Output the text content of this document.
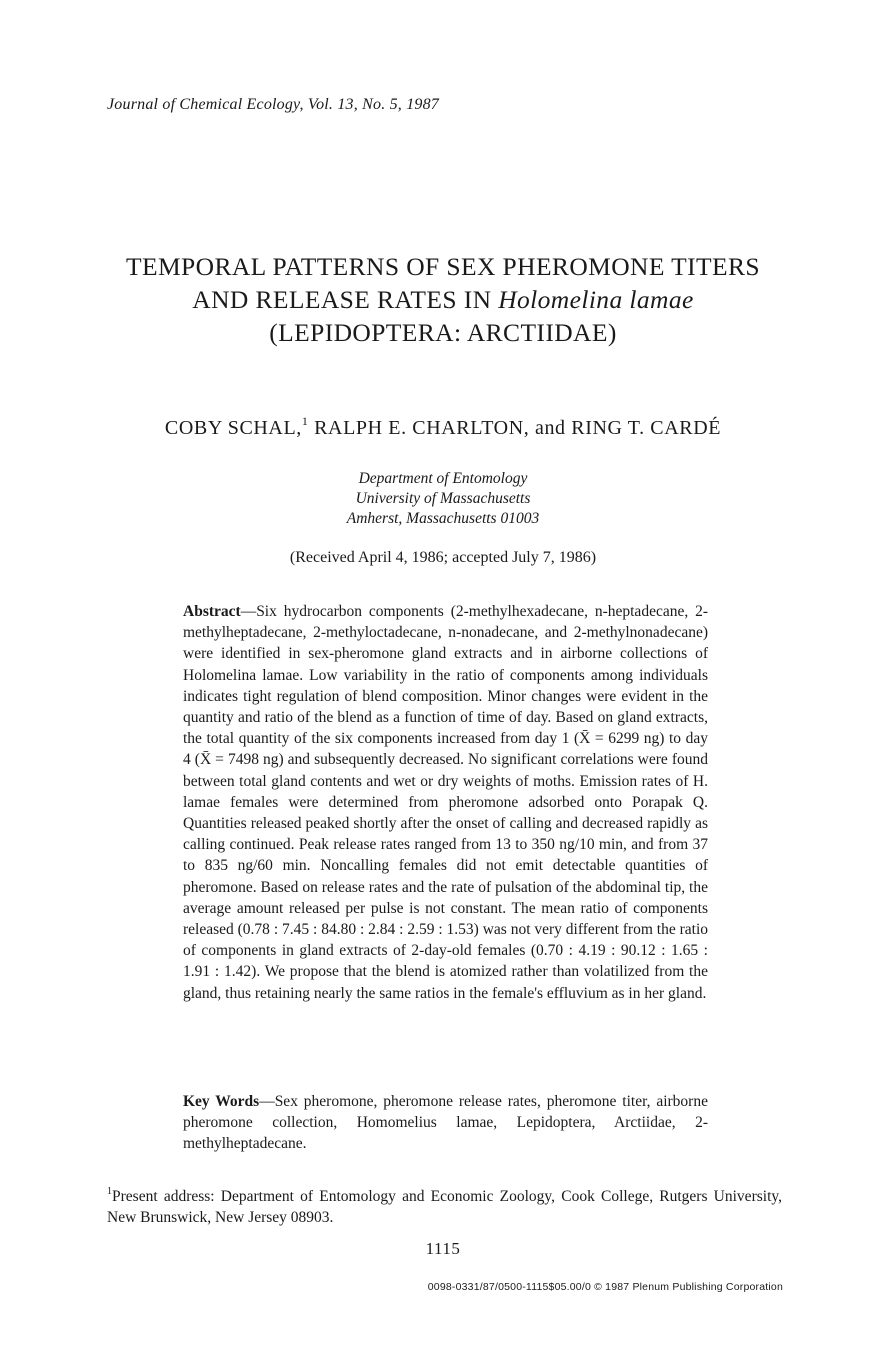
Journal of Chemical Ecology, Vol. 13, No. 5, 1987
TEMPORAL PATTERNS OF SEX PHEROMONE TITERS
AND RELEASE RATES IN Holomelina lamae
(LEPIDOPTERA: ARCTIIDAE)
COBY SCHAL,$^1$ RALPH E. CHARLTON, and RING T. CARDÉ
Department of Entomology
University of Massachusetts
Amherst, Massachusetts 01003
(Received April 4, 1986; accepted July 7, 1986)
Abstract—Six hydrocarbon components (2-methylhexadecane, n-heptadecane, 2-methylheptadecane, 2-methyloctadecane, n-nonadecane, and 2-methylnonadecane) were identified in sex-pheromone gland extracts and in airborne collections of Holomelina lamae. Low variability in the ratio of components among individuals indicates tight regulation of blend composition. Minor changes were evident in the quantity and ratio of the blend as a function of time of day. Based on gland extracts, the total quantity of the six components increased from day 1 (X̄ = 6299 ng) to day 4 (X̄ = 7498 ng) and subsequently decreased. No significant correlations were found between total gland contents and wet or dry weights of moths. Emission rates of H. lamae females were determined from pheromone adsorbed onto Porapak Q. Quantities released peaked shortly after the onset of calling and decreased rapidly as calling continued. Peak release rates ranged from 13 to 350 ng/10 min, and from 37 to 835 ng/60 min. Noncalling females did not emit detectable quantities of pheromone. Based on release rates and the rate of pulsation of the abdominal tip, the average amount released per pulse is not constant. The mean ratio of components released (0.78 : 7.45 : 84.80 : 2.84 : 2.59 : 1.53) was not very different from the ratio of components in gland extracts of 2-day-old females (0.70 : 4.19 : 90.12 : 1.65 : 1.91 : 1.42). We propose that the blend is atomized rather than volatilized from the gland, thus retaining nearly the same ratios in the female's effluvium as in her gland.
Key Words—Sex pheromone, pheromone release rates, pheromone titer, airborne pheromone collection, Homomelius lamae, Lepidoptera, Arctiidae, 2-methylheptadecane.
$^1$Present address: Department of Entomology and Economic Zoology, Cook College, Rutgers University, New Brunswick, New Jersey 08903.
1115
0098-0331/87/0500-1115$05.00/0 © 1987 Plenum Publishing Corporation
